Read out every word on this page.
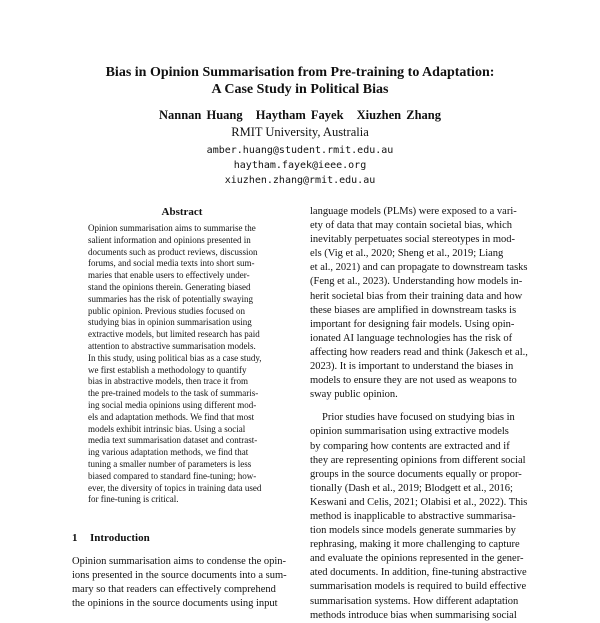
Bias in Opinion Summarisation from Pre-training to Adaptation:
A Case Study in Political Bias
Nannan Huang Haytham Fayek Xiuzhen Zhang
RMIT University, Australia
amber.huang@student.rmit.edu.au
haytham.fayek@ieee.org
xiuzhen.zhang@rmit.edu.au
Abstract
Opinion summarisation aims to summarise the
salient information and opinions presented in
documents such as product reviews, discussion
forums, and social media texts into short sum-
maries that enable users to effectively under-
stand the opinions therein. Generating biased
summaries has the risk of potentially swaying
public opinion. Previous studies focused on
studying bias in opinion summarisation using
extractive models, but limited research has paid
attention to abstractive summarisation models.
In this study, using political bias as a case study,
we first establish a methodology to quantify
bias in abstractive models, then trace it from
the pre-trained models to the task of summaris-
ing social media opinions using different mod-
els and adaptation methods. We find that most
models exhibit intrinsic bias. Using a social
media text summarisation dataset and contrast-
ing various adaptation methods, we find that
tuning a smaller number of parameters is less
biased compared to standard fine-tuning; how-
ever, the diversity of topics in training data used
for fine-tuning is critical.
1 Introduction
Opinion summarisation aims to condense the opin-
ions presented in the source documents into a sum-
mary so that readers can effectively comprehend
the opinions in the source documents using input
language models (PLMs) were exposed to a vari-
ety of data that may contain societal bias, which
inevitably perpetuates social stereotypes in mod-
els (Vig et al., 2020; Sheng et al., 2019; Liang
et al., 2021) and can propagate to downstream tasks
(Feng et al., 2023). Understanding how models in-
herit societal bias from their training data and how
these biases are amplified in downstream tasks is
important for designing fair models. Using opin-
ionated AI language technologies has the risk of
affecting how readers read and think (Jakesch et al.,
2023). It is important to understand the biases in
models to ensure they are not used as weapons to
sway public opinion.
Prior studies have focused on studying bias in
opinion summarisation using extractive models
by comparing how contents are extracted and if
they are representing opinions from different social
groups in the source documents equally or propor-
tionally (Dash et al., 2019; Blodgett et al., 2016;
Keswani and Celis, 2021; Olabisi et al., 2022). This
method is inapplicable to abstractive summarisa-
tion models since models generate summaries by
rephrasing, making it more challenging to capture
and evaluate the opinions represented in the gener-
ated documents. In addition, fine-tuning abstractive
summarisation models is required to build effective
summarisation systems. How different adaptation
methods introduce bias when summarising social
